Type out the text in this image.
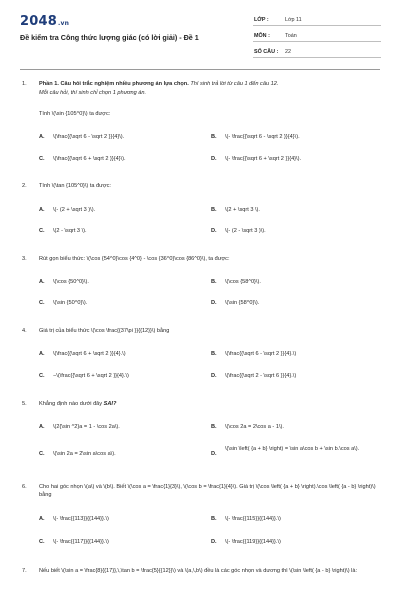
2048.vn
Đề kiểm tra Công thức lượng giác (có lời giải) - Đề 1
LỚP :	Lớp 11
MÔN :	Toán
SỐ CÂU : 22
1. Phần 1. Câu hỏi trắc nghiệm nhiều phương án lựa chọn. Thí sinh trả lời từ câu 1 đến câu 12.
Mỗi câu hỏi, thí sinh chỉ chọn 1 phương án.
Tính \(\sin {105^0}\) ta được:
A. \(\frac{{\sqrt 6 - \sqrt 2 }}{4}\).	B. \(- \frac{{\sqrt 6 - \sqrt 2 }}{4}\).
C. \(\frac{{\sqrt 6 + \sqrt 2 }}{4}\).	D. \(- \frac{{\sqrt 6 + \sqrt 2 }}{4}\).
2. Tính \(\tan {105^0}\) ta được:
A. \(- (2 + \sqrt 3 )\).	B. \(2 + \sqrt 3 \).
C. \(2 - \sqrt 3 \).	D. \(- (2 - \sqrt 3 )\).
3. Rút gọn biểu thức: \(\cos {54^0}\cos {4^0} - \cos {36^0}\cos {86^0}\), ta được:
A. \(\cos {50^0}\).	B. \(\cos {58^0}\).
C. \(\sin {50^0}\).	D. \(\sin {58^0}\).
4. Giá trị của biểu thức \(\cos \frac{{37\pi }}{{12}}\) bằng
A. \(\frac{{\sqrt 6 + \sqrt 2 }}{4}.\)	B. \(\frac{{\sqrt 6 - \sqrt 2 }}{4}.\)
C. −\(\frac{{\sqrt 6 + \sqrt 2 }}{4}.\)	D. \(\frac{{\sqrt 2 - \sqrt 6 }}{4}.\)
5. Khẳng định nào dưới đây SAI?
A. \(2{\sin ^2}a = 1 - \cos 2a\).	B. \(\cos 2a = 2\cos a - 1\).
C. \(\sin 2a = 2\sin a\cos a\).	D.
\(\sin \left( {a + b} \right) = \sin a\cos b + \sin b.\cos a\).
6. Cho hai góc nhọn \(a\) và \(b\). Biết \(\cos a = \frac{1}{3}\), \(\cos b = \frac{1}{4}\). Giá trị \(\cos \left( {a + b} \right).\cos \left( {a - b} \right)\) bằng
A. \(- \frac{{113}}{{144}}.\)	B. \(- \frac{{115}}{{144}}.\)
C. \(- \frac{{117}}{{144}}.\)	D. \(- \frac{{119}}{{144}}.\)
7. Nếu biết \(\sin a = \frac{8}{{17}},\,\tan b = \frac{5}{{12}}\) và \(a,\,b\) đều là các góc nhọn và dương thì \(\sin \left( {a - b} \right)\) là:
